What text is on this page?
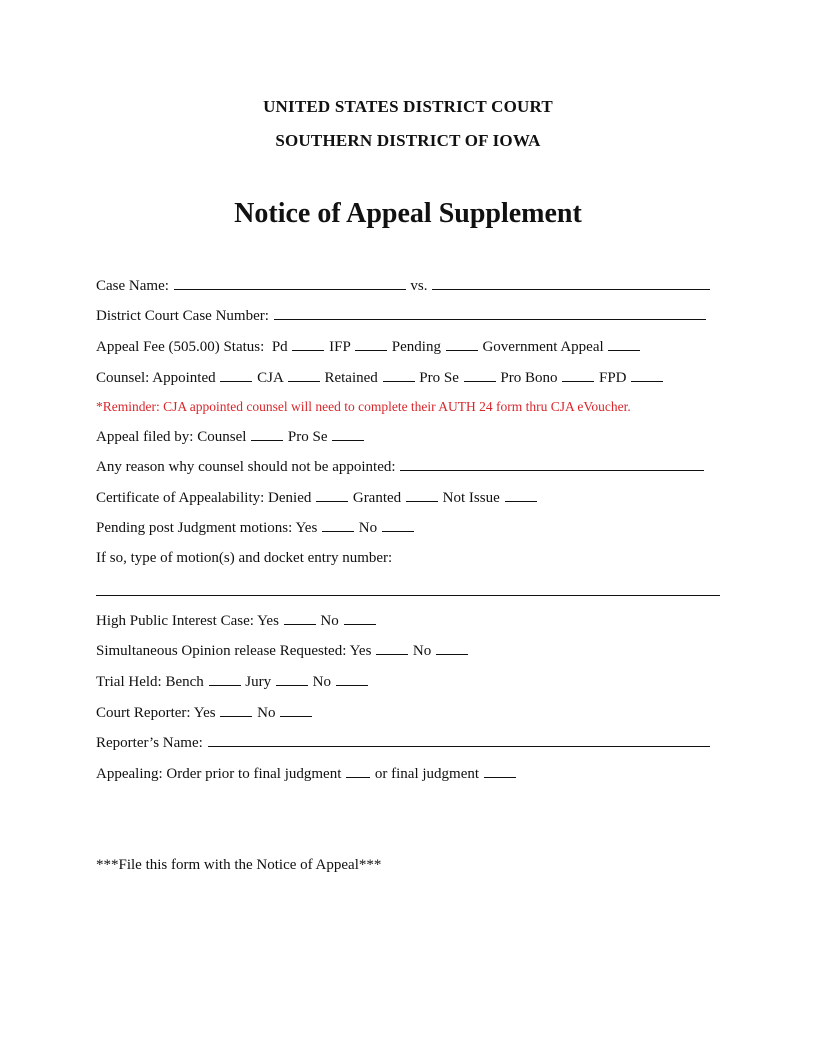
UNITED STATES DISTRICT COURT
SOUTHERN DISTRICT OF IOWA
Notice of Appeal Supplement
Case Name:	vs.
District Court Case Number:
Appeal Fee (505.00) Status: Pd	IFP	Pending	Government Appeal
Counsel: Appointed	CJA	Retained	Pro Se	Pro Bono	FPD
*Reminder: CJA appointed counsel will need to complete their AUTH 24 form thru CJA eVoucher.
Appeal filed by: Counsel	Pro Se
Any reason why counsel should not be appointed:
Certificate of Appealability: Denied	Granted	Not Issue
Pending post Judgment motions: Yes	No
If so, type of motion(s) and docket entry number:
High Public Interest Case: Yes	No
Simultaneous Opinion release Requested: Yes	No
Trial Held: Bench	Jury	No
Court Reporter: Yes	No
Reporter’s Name:
Appealing: Order prior to final judgment or final judgment
***File this form with the Notice of Appeal***
